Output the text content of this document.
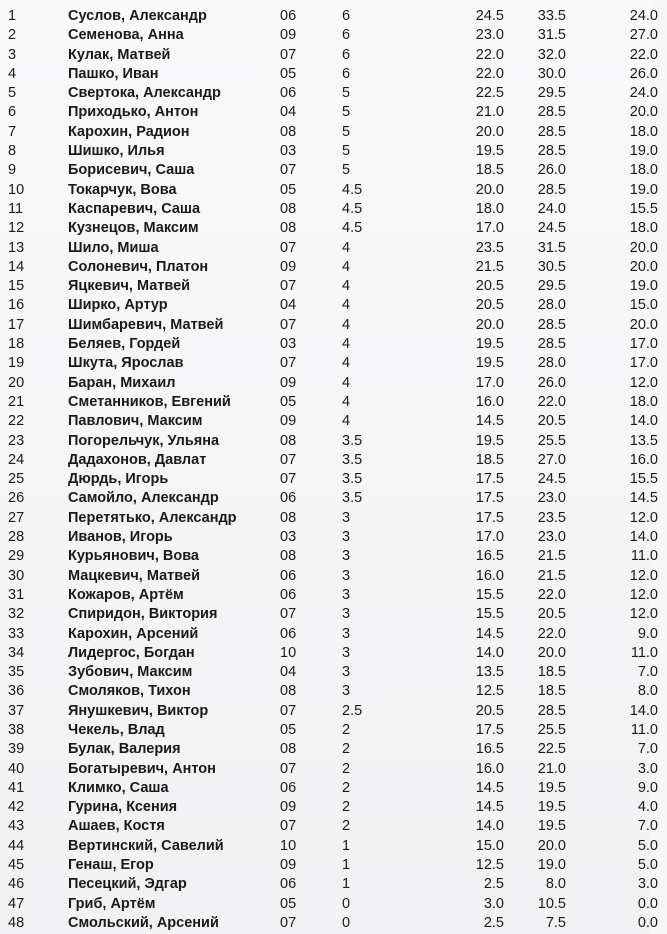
1	Суслов, Александр	06	6	24.5	33.5	24.0
2	Семенова, Анна	09	6	23.0	31.5	27.0
3	Кулак, Матвей	07	6	22.0	32.0	22.0
4	Пашко, Иван	05	6	22.0	30.0	26.0
5	Свертока, Александр	06	5	22.5	29.5	24.0
6	Приходько, Антон	04	5	21.0	28.5	20.0
7	Карохин, Радион	08	5	20.0	28.5	18.0
8	Шишко, Илья	03	5	19.5	28.5	19.0
9	Борисевич, Саша	07	5	18.5	26.0	18.0
10	Токарчук, Вова	05	4.5	20.0	28.5	19.0
11	Каспаревич, Саша	08	4.5	18.0	24.0	15.5
12	Кузнецов, Максим	08	4.5	17.0	24.5	18.0
13	Шило, Миша	07	4	23.5	31.5	20.0
14	Солоневич, Платон	09	4	21.5	30.5	20.0
15	Яцкевич, Матвей	07	4	20.5	29.5	19.0
16	Ширко, Артур	04	4	20.5	28.0	15.0
17	Шимбаревич, Матвей	07	4	20.0	28.5	20.0
18	Беляев, Гордей	03	4	19.5	28.5	17.0
19	Шкута, Ярослав	07	4	19.5	28.0	17.0
20	Баран, Михаил	09	4	17.0	26.0	12.0
21	Сметанников, Евгений	05	4	16.0	22.0	18.0
22	Павлович, Максим	09	4	14.5	20.5	14.0
23	Погорельчук, Ульяна	08	3.5	19.5	25.5	13.5
24	Дадахонов, Давлат	07	3.5	18.5	27.0	16.0
25	Дюрдь, Игорь	07	3.5	17.5	24.5	15.5
26	Самойло, Александр	06	3.5	17.5	23.0	14.5
27	Перетятько, Александр	08	3	17.5	23.5	12.0
28	Иванов, Игорь	03	3	17.0	23.0	14.0
29	Курьянович, Вова	08	3	16.5	21.5	11.0
30	Мацкевич, Матвей	06	3	16.0	21.5	12.0
31	Кожаров, Артём	06	3	15.5	22.0	12.0
32	Спиридон, Виктория	07	3	15.5	20.5	12.0
33	Карохин, Арсений	06	3	14.5	22.0	9.0
34	Лидергос, Богдан	10	3	14.0	20.0	11.0
35	Зубович, Максим	04	3	13.5	18.5	7.0
36	Смоляков, Тихон	08	3	12.5	18.5	8.0
37	Янушкевич, Виктор	07	2.5	20.5	28.5	14.0
38	Чекель, Влад	05	2	17.5	25.5	11.0
39	Булак, Валерия	08	2	16.5	22.5	7.0
40	Богатыревич, Антон	07	2	16.0	21.0	3.0
41	Климко, Саша	06	2	14.5	19.5	9.0
42	Гурина, Ксения	09	2	14.5	19.5	4.0
43	Ашаев, Костя	07	2	14.0	19.5	7.0
44	Вертинский, Савелий	10	1	15.0	20.0	5.0
45	Генаш, Егор	09	1	12.5	19.0	5.0
46	Песецкий, Эдгар	06	1	2.5	8.0	3.0
47	Гриб, Артём	05	0	3.0	10.5	0.0
48	Смольский, Арсений	07	0	2.5	7.5	0.0
